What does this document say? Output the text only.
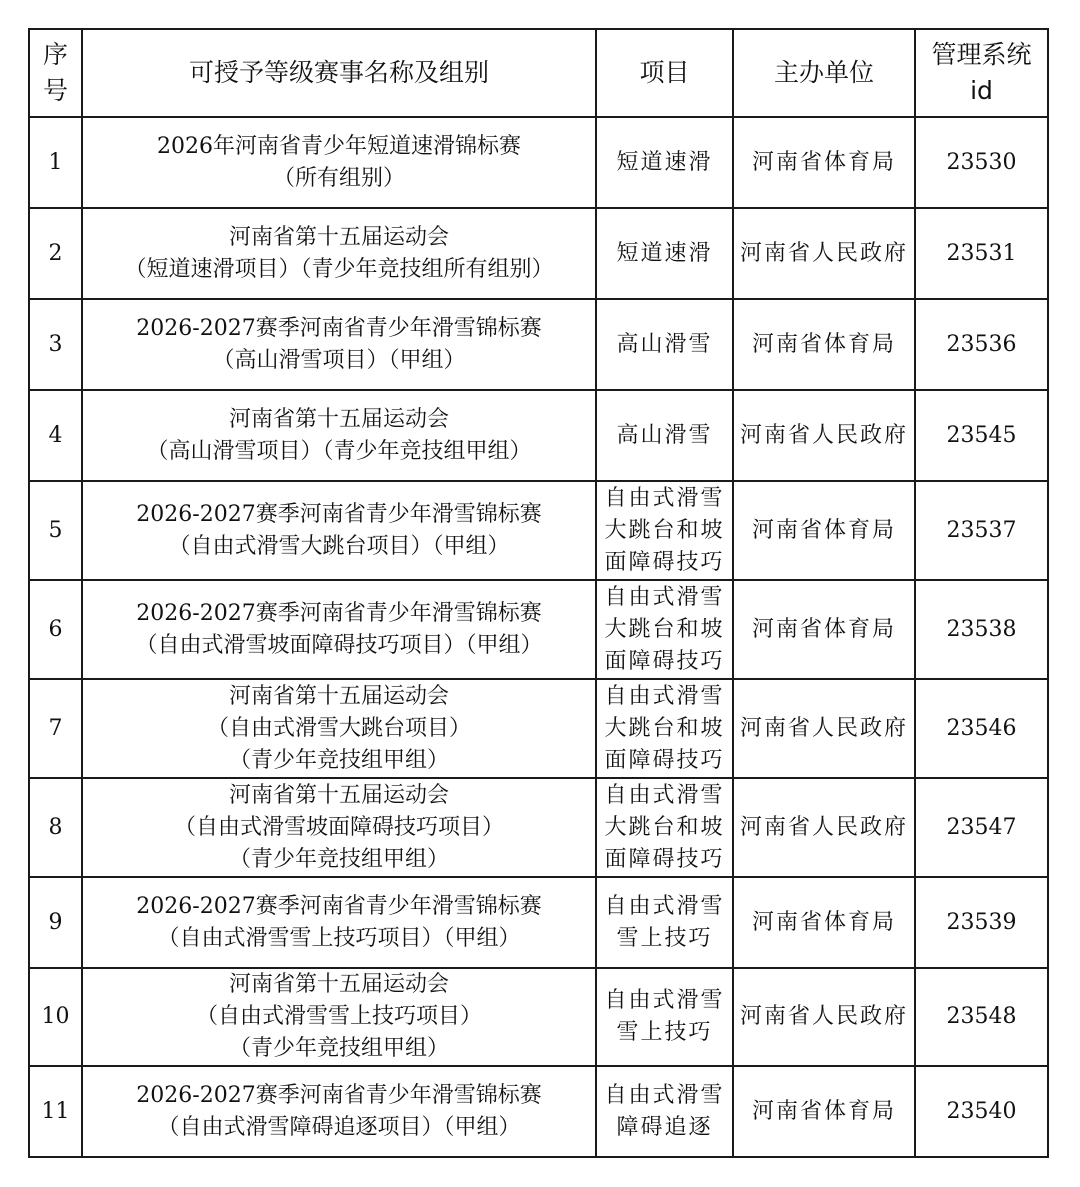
序
号	可授予等级赛事名称及组别	项目	主办单位	管理系统
id

1	2026年河南省青少年短道速滑锦标赛
（所有组别）	短道速滑	河南省体育局	23530
2	河南省第十五届运动会
（短道速滑项目）（青少年竞技组所有组别）	短道速滑	河南省人民政府	23531
3	2026-2027赛季河南省青少年滑雪锦标赛
（高山滑雪项目）（甲组）	高山滑雪	河南省体育局	23536
4	河南省第十五届运动会
（高山滑雪项目）（青少年竞技组甲组）	高山滑雪	河南省人民政府	23545
5	2026-2027赛季河南省青少年滑雪锦标赛
（自由式滑雪大跳台项目）（甲组）	自由式滑雪
大跳台和坡
面障碍技巧	河南省体育局	23537
6	2026-2027赛季河南省青少年滑雪锦标赛
（自由式滑雪坡面障碍技巧项目）（甲组）	自由式滑雪
大跳台和坡
面障碍技巧	河南省体育局	23538
7	河南省第十五届运动会
（自由式滑雪大跳台项目）
（青少年竞技组甲组）	自由式滑雪
大跳台和坡
面障碍技巧	河南省人民政府	23546
8	河南省第十五届运动会
（自由式滑雪坡面障碍技巧项目）
（青少年竞技组甲组）	自由式滑雪
大跳台和坡
面障碍技巧	河南省人民政府	23547
9	2026-2027赛季河南省青少年滑雪锦标赛
（自由式滑雪雪上技巧项目）（甲组）	自由式滑雪
雪上技巧	河南省体育局	23539
10	河南省第十五届运动会
（自由式滑雪雪上技巧项目）
（青少年竞技组甲组）	自由式滑雪
雪上技巧	河南省人民政府	23548
11	2026-2027赛季河南省青少年滑雪锦标赛
（自由式滑雪障碍追逐项目）（甲组）	自由式滑雪
障碍追逐	河南省体育局	23540
